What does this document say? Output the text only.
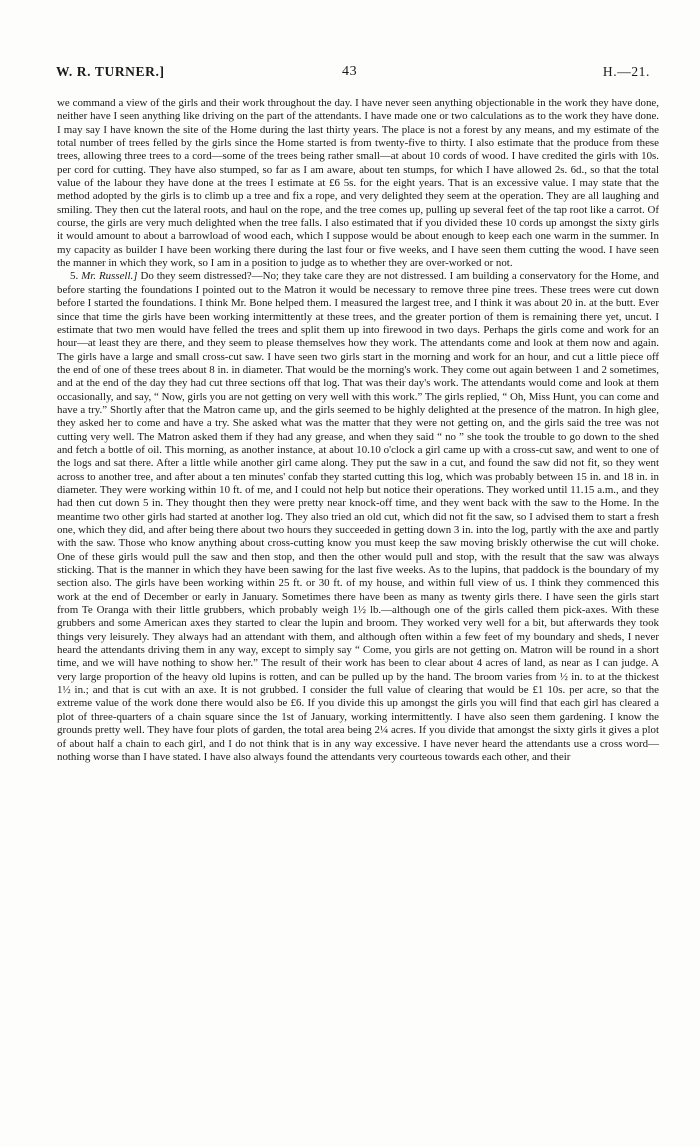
W. R. TURNER.]	43	H.—21.

we command a view of the girls and their work throughout the day. I have never seen anything objectionable in the work they have done, neither have I seen anything like driving on the part of the attendants. I have made one or two calculations as to the work they have done. I may say I have known the site of the Home during the last thirty years. The place is not a forest by any means, and my estimate of the total number of trees felled by the girls since the Home started is from twenty-five to thirty. I also estimate that the produce from these trees, allowing three trees to a cord—some of the trees being rather small—at about 10 cords of wood. I have credited the girls with 10s. per cord for cutting. They have also stumped, so far as I am aware, about ten stumps, for which I have allowed 2s. 6d., so that the total value of the labour they have done at the trees I estimate at £6 5s. for the eight years. That is an excessive value. I may state that the method adopted by the girls is to climb up a tree and fix a rope, and very delighted they seem at the operation. They are all laughing and smiling. They then cut the lateral roots, and haul on the rope, and the tree comes up, pulling up several feet of the tap root like a carrot. Of course, the girls are very much delighted when the tree falls. I also estimated that if you divided these 10 cords up amongst the sixty girls it would amount to about a barrowload of wood each, which I suppose would be about enough to keep each one warm in the summer. In my capacity as builder I have been working there during the last four or five weeks, and I have seen them cutting the wood. I have seen the manner in which they work, so I am in a position to judge as to whether they are over-worked or not.

5. Mr. Russell.] Do they seem distressed?—No; they take care they are not distressed. I am building a conservatory for the Home, and before starting the foundations I pointed out to the Matron it would be necessary to remove three pine trees. These trees were cut down before I started the foundations. I think Mr. Bone helped them. I measured the largest tree, and I think it was about 20 in. at the butt. Ever since that time the girls have been working intermittently at these trees, and the greater portion of them is remaining there yet, uncut. I estimate that two men would have felled the trees and split them up into firewood in two days. Perhaps the girls come and work for an hour—at least they are there, and they seem to please themselves how they work. The attendants come and look at them now and again. The girls have a large and small cross-cut saw. I have seen two girls start in the morning and work for an hour, and cut a little piece off the end of one of these trees about 8 in. in diameter. That would be the morning's work. They come out again between 1 and 2 sometimes, and at the end of the day they had cut three sections off that log. That was their day's work. The attendants would come and look at them occasionally, and say, “ Now, girls you are not getting on very well with this work.” The girls replied, “ Oh, Miss Hunt, you can come and have a try.” Shortly after that the Matron came up, and the girls seemed to be highly delighted at the presence of the matron. In high glee, they asked her to come and have a try. She asked what was the matter that they were not getting on, and the girls said the tree was not cutting very well. The Matron asked them if they had any grease, and when they said “ no ” she took the trouble to go down to the shed and fetch a bottle of oil. This morning, as another instance, at about 10.10 o'clock a girl came up with a cross-cut saw, and went to one of the logs and sat there. After a little while another girl came along. They put the saw in a cut, and found the saw did not fit, so they went across to another tree, and after about a ten minutes' confab they started cutting this log, which was probably between 15 in. and 18 in. in diameter. They were working within 10 ft. of me, and I could not help but notice their operations. They worked until 11.15 a.m., and they had then cut down 5 in. They thought then they were pretty near knock-off time, and they went back with the saw to the Home. In the meantime two other girls had started at another log. They also tried an old cut, which did not fit the saw, so I advised them to start a fresh one, which they did, and after being there about two hours they succeeded in getting down 3 in. into the log, partly with the axe and partly with the saw. Those who know anything about cross-cutting know you must keep the saw moving briskly otherwise the cut will choke. One of these girls would pull the saw and then stop, and then the other would pull and stop, with the result that the saw was always sticking. That is the manner in which they have been sawing for the last five weeks. As to the lupins, that paddock is the boundary of my section also. The girls have been working within 25 ft. or 30 ft. of my house, and within full view of us. I think they commenced this work at the end of December or early in January. Sometimes there have been as many as twenty girls there. I have seen the girls start from Te Oranga with their little grubbers, which probably weigh 1½ lb.—although one of the girls called them pick-axes. With these grubbers and some American axes they started to clear the lupin and broom. They worked very well for a bit, but afterwards they took things very leisurely. They always had an attendant with them, and although often within a few feet of my boundary and sheds, I never heard the attendants driving them in any way, except to simply say “ Come, you girls are not getting on. Matron will be round in a short time, and we will have nothing to show her.” The result of their work has been to clear about 4 acres of land, as near as I can judge. A very large proportion of the heavy old lupins is rotten, and can be pulled up by the hand. The broom varies from ½ in. to at the thickest 1½ in.; and that is cut with an axe. It is not grubbed. I consider the full value of clearing that would be £1 10s. per acre, so that the extreme value of the work done there would also be £6. If you divide this up amongst the girls you will find that each girl has cleared a plot of three-quarters of a chain square since the 1st of January, working intermittently. I have also seen them gardening. I know the grounds pretty well. They have four plots of garden, the total area being 2¼ acres. If you divide that amongst the sixty girls it gives a plot of about half a chain to each girl, and I do not think that is in any way excessive. I have never heard the attendants use a cross word—nothing worse than I have stated. I have also always found the attendants very courteous towards each other, and their
